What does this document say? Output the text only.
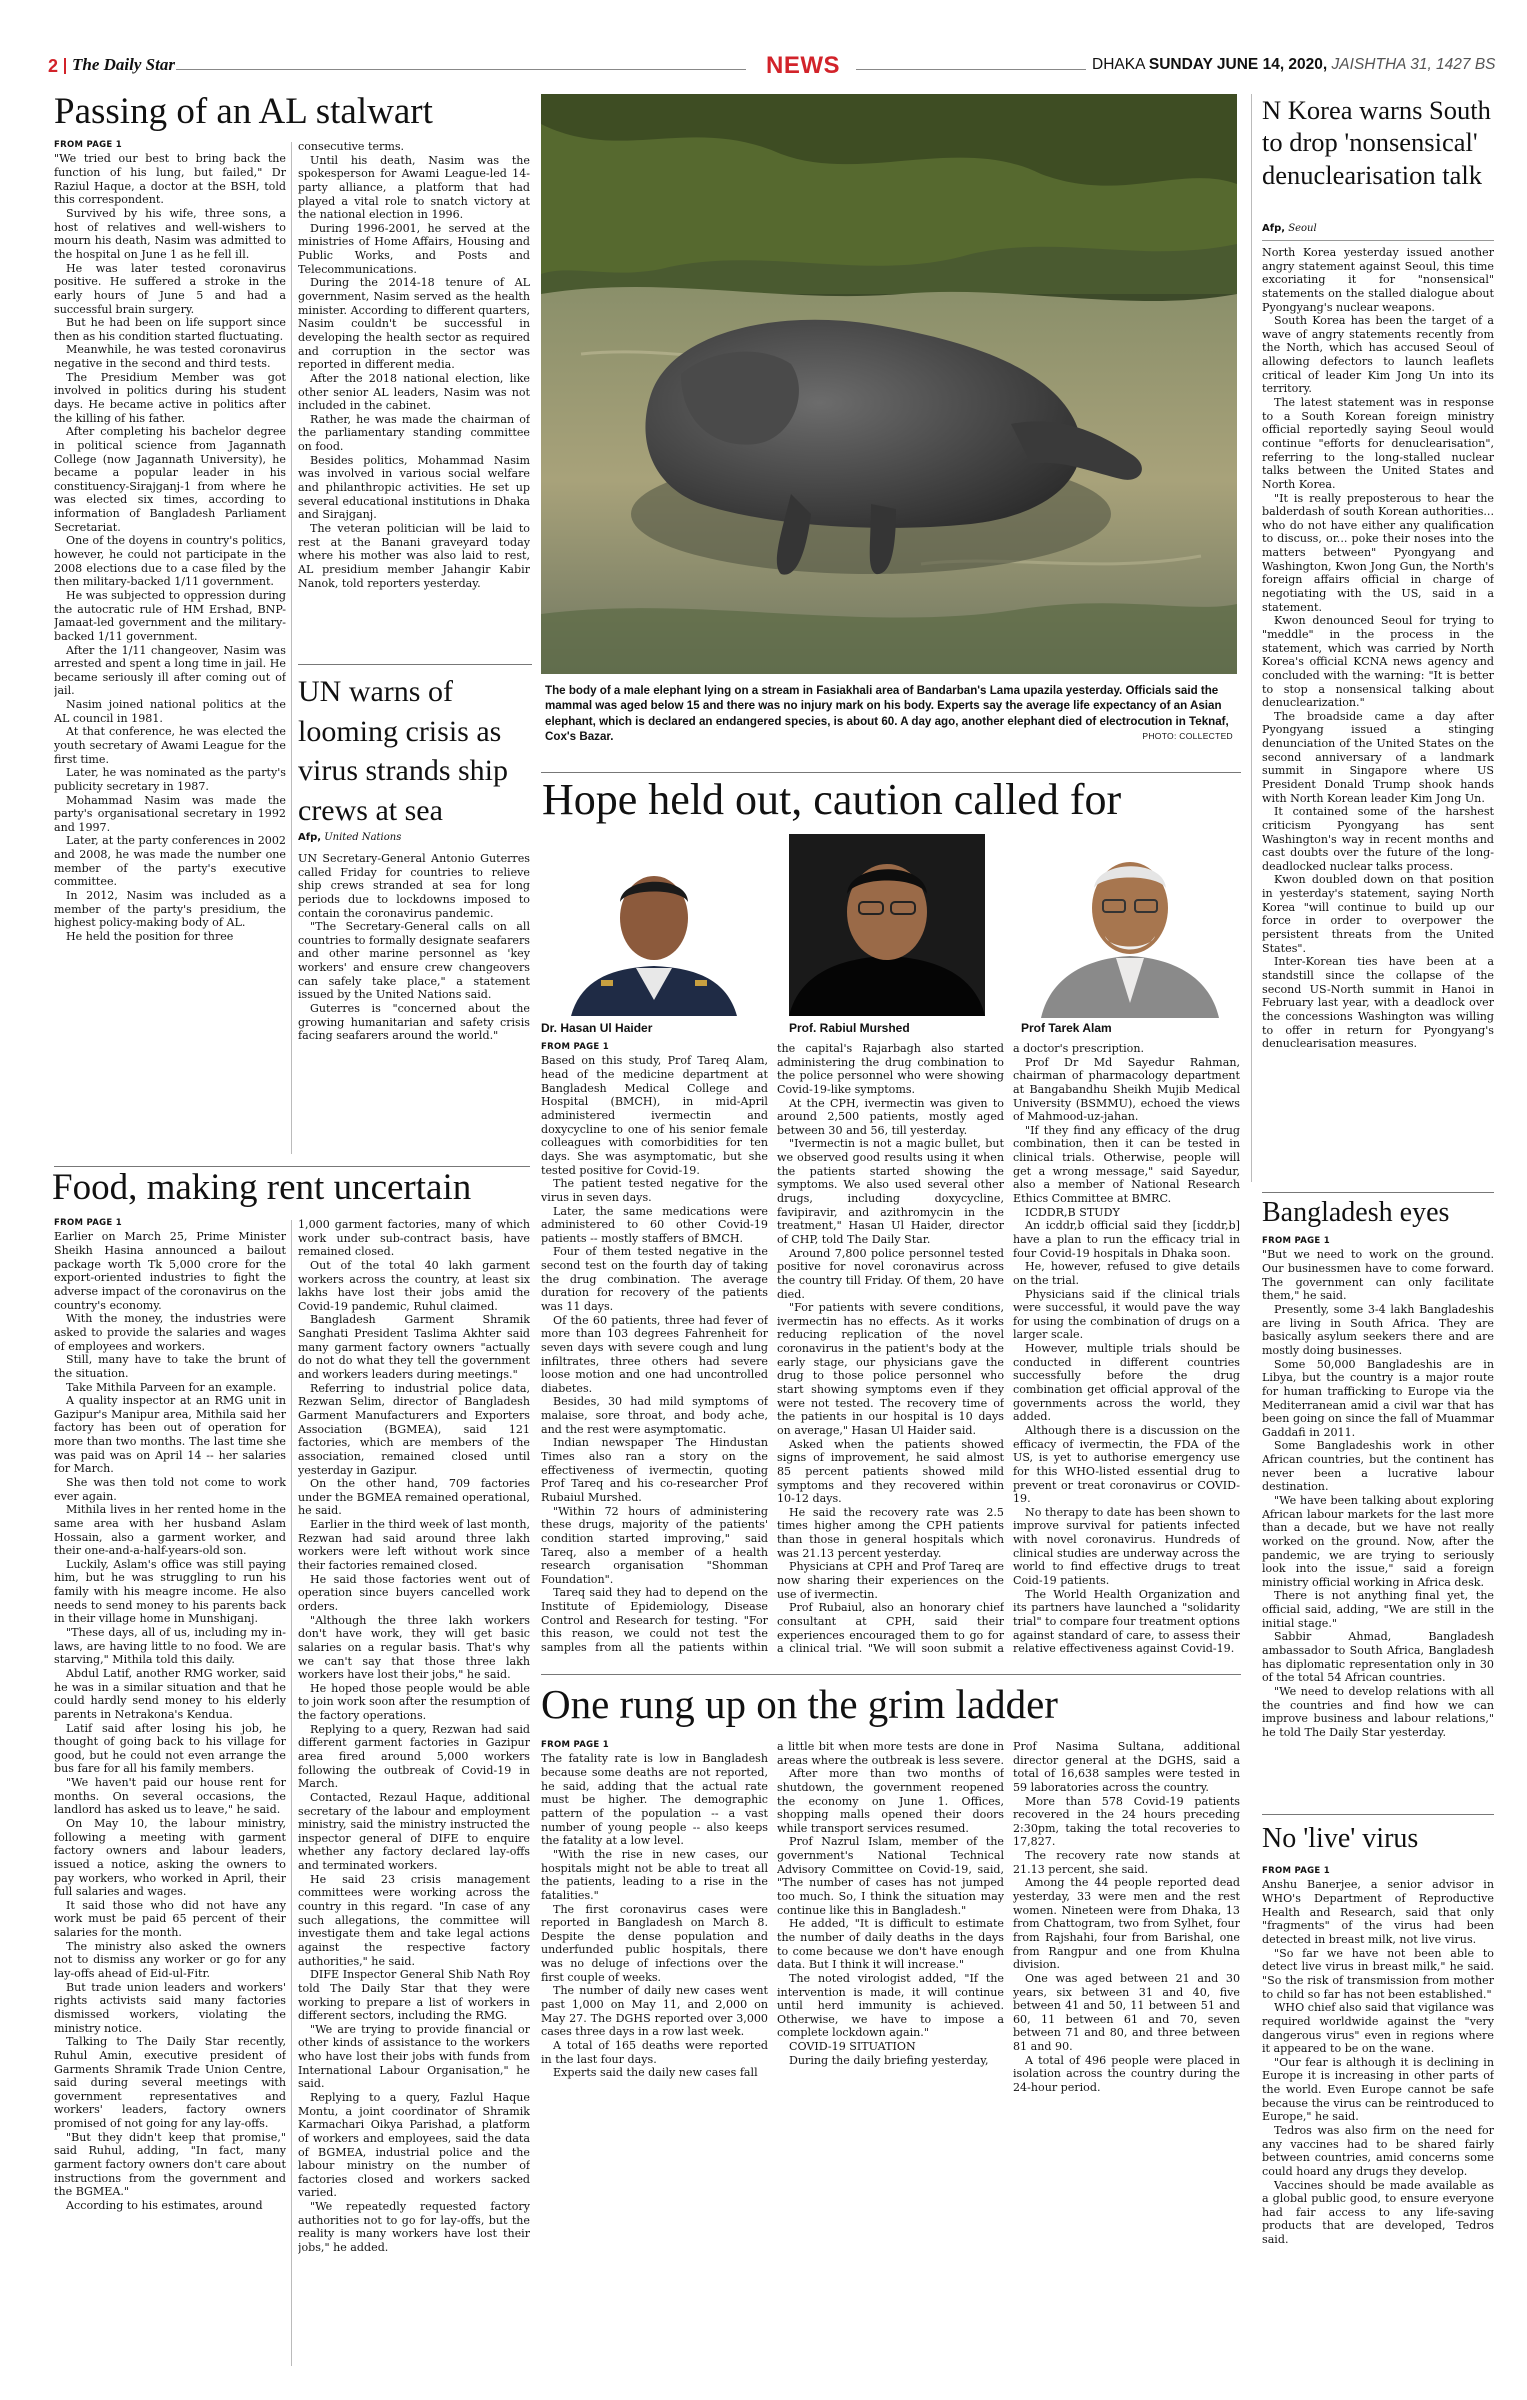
2 The Daily Star	NEWS	DHAKA SUNDAY JUNE 14, 2020, JAISHTHA 31, 1427 BS
Passing of an AL stalwart
FROM PAGE 1

"We tried our best to bring back the function of his lung, but failed," Dr Raziul Haque, a doctor at the BSH, told this correspondent.

Survived by his wife, three sons, a host of relatives and well-wishers to mourn his death, Nasim was admitted to the hospital on June 1 as he fell ill.

He was later tested coronavirus positive. He suffered a stroke in the early hours of June 5 and had a successful brain surgery.

But he had been on life support since then as his condition started fluctuating.

Meanwhile, he was tested coronavirus negative in the second and third tests.

The Presidium Member was got involved in politics during his student days. He became active in politics after the killing of his father.

After completing his bachelor degree in political science from Jagannath College (now Jagannath University), he became a popular leader in his constituency-Sirajganj-1 from where he was elected six times, according to information of Bangladesh Parliament Secretariat.

One of the doyens in country's politics, however, he could not participate in the 2008 elections due to a case filed by the then military-backed 1/11 government.

He was subjected to oppression during the autocratic rule of HM Ershad, BNP-Jamaat-led government and the military-backed 1/11 government.

After the 1/11 changeover, Nasim was arrested and spent a long time in jail. He became seriously ill after coming out of jail.

Nasim joined national politics at the AL council in 1981.

At that conference, he was elected the youth secretary of Awami League for the first time.

Later, he was nominated as the party's publicity secretary in 1987.

Mohammad Nasim was made the party's organisational secretary in 1992 and 1997.

Later, at the party conferences in 2002 and 2008, he was made the number one member of the party's executive committee.

In 2012, Nasim was included as a member of the party's presidium, the highest policy-making body of AL.

He held the position for three

consecutive terms.

Until his death, Nasim was the spokesperson for Awami League-led 14-party alliance, a platform that had played a vital role to snatch victory at the national election in 1996.

During 1996-2001, he served at the ministries of Home Affairs, Housing and Public Works, and Posts and Telecommunications.

During the 2014-18 tenure of AL government, Nasim served as the health minister. According to different quarters, Nasim couldn't be successful in developing the health sector as required and corruption in the sector was reported in different media.

After the 2018 national election, like other senior AL leaders, Nasim was not included in the cabinet.

Rather, he was made the chairman of the parliamentary standing committee on food.

Besides politics, Mohammad Nasim was involved in various social welfare and philanthropic activities. He set up several educational institutions in Dhaka and Sirajganj.

The veteran politician will be laid to rest at the Banani graveyard today where his mother was also laid to rest, AL presidium member Jahangir Kabir Nanok, told reporters yesterday.

UN warns of looming crisis as virus strands ship crews at sea
Afp, United Nations

UN Secretary-General Antonio Guterres called Friday for countries to relieve ship crews stranded at sea for long periods due to lockdowns imposed to contain the coronavirus pandemic.

"The Secretary-General calls on all countries to formally designate seafarers and other marine personnel as 'key workers' and ensure crew changeovers can safely take place," a statement issued by the United Nations said.

Guterres is "concerned about the growing humanitarian and safety crisis facing seafarers around the world."

The body of a male elephant lying on a stream in Fasiakhali area of Bandarban's Lama upazila yesterday. Officials said the mammal was aged below 15 and there was no injury mark on his body. Experts say the average life expectancy of an Asian elephant, which is declared an endangered species, is about 60. A day ago, another elephant died of electrocution in Teknaf, Cox's Bazar.	PHOTO: COLLECTED
N Korea warns South to drop 'nonsensical' denuclearisation talk
Afp, Seoul

North Korea yesterday issued another angry statement against Seoul, this time excoriating it for "nonsensical" statements on the stalled dialogue about Pyongyang's nuclear weapons.

South Korea has been the target of a wave of angry statements recently from the North, which has accused Seoul of allowing defectors to launch leaflets critical of leader Kim Jong Un into its territory.

The latest statement was in response to a South Korean foreign ministry official reportedly saying Seoul would continue "efforts for denuclearisation", referring to the long-stalled nuclear talks between the United States and North Korea.

"It is really preposterous to hear the balderdash of south Korean authorities... who do not have either any qualification to discuss, or... poke their noses into the matters between" Pyongyang and Washington, Kwon Jong Gun, the North's foreign affairs official in charge of negotiating with the US, said in a statement.

Kwon denounced Seoul for trying to "meddle" in the process in the statement, which was carried by North Korea's official KCNA news agency and concluded with the warning: "It is better to stop a nonsensical talking about denuclearization."

The broadside came a day after Pyongyang issued a stinging denunciation of the United States on the second anniversary of a landmark summit in Singapore where US President Donald Trump shook hands with North Korean leader Kim Jong Un.

It contained some of the harshest criticism Pyongyang has sent Washington's way in recent months and cast doubts over the future of the long-deadlocked nuclear talks process.

Kwon doubled down on that position in yesterday's statement, saying North Korea "will continue to build up our force in order to overpower the persistent threats from the United States".

Inter-Korean ties have been at a standstill since the collapse of the second US-North summit in Hanoi in February last year, with a deadlock over the concessions Washington was willing to offer in return for Pyongyang's denuclearisation measures.

Hope held out, caution called for
Dr. Hasan Ul Haider	Prof. Rabiul Murshed	Prof Tarek Alam
FROM PAGE 1

Based on this study, Prof Tareq Alam, head of the medicine department at Bangladesh Medical College and Hospital (BMCH), in mid-April administered ivermectin and doxycycline to one of his senior female colleagues with comorbidities for ten days. She was asymptomatic, but she tested positive for Covid-19.

The patient tested negative for the virus in seven days.

Later, the same medications were administered to 60 other Covid-19 patients -- mostly staffers of BMCH.

Four of them tested negative in the second test on the fourth day of taking the drug combination. The average duration for recovery of the patients was 11 days.

Of the 60 patients, three had fever of more than 103 degrees Fahrenheit for seven days with severe cough and lung infiltrates, three others had severe loose motion and one had uncontrolled diabetes.

Besides, 30 had mild symptoms of malaise, sore throat, and body ache, and the rest were asymptomatic.

Indian newspaper The Hindustan Times also ran a story on the effectiveness of ivermectin, quoting Prof Tareq and his co-researcher Prof Rubaiul Murshed.

"Within 72 hours of administering these drugs, majority of the patients' condition started improving," said Tareq, also a member of a health research organisation "Shomman Foundation".

Tareq said they had to depend on the Institute of Epidemiology, Disease Control and Research for testing. "For this reason, we could not test the samples from all the patients within

the capital's Rajarbagh also started administering the drug combination to the police personnel who were showing Covid-19-like symptoms.

At the CPH, ivermectin was given to around 2,500 patients, mostly aged between 30 and 56, till yesterday.

"Ivermectin is not a magic bullet, but we observed good results using it when the patients started showing the symptoms. We also used several other drugs, including doxycycline, favipiravir, and azithromycin in the treatment," Hasan Ul Haider, director of CHP, told The Daily Star.

Around 7,800 police personnel tested positive for novel coronavirus across the country till Friday. Of them, 20 have died.

"For patients with severe conditions, ivermectin has no effects. As it works reducing replication of the novel coronavirus in the patient's body at the early stage, our physicians gave the drug to those police personnel who start showing symptoms even if they were not tested. The recovery time of the patients in our hospital is 10 days on average," Hasan Ul Haider said.

Asked when the patients showed signs of improvement, he said almost 85 percent patients showed mild symptoms and they recovered within 10-12 days.

He said the recovery rate was 2.5 times higher among the CPH patients than those in general hospitals which was 21.13 percent yesterday.

Physicians at CPH and Prof Tareq are now sharing their experiences on the use of ivermectin.

Prof Rubaiul, also an honorary chief consultant at CPH, said their experiences encouraged them to go for a clinical trial. "We will soon submit a

a doctor's prescription.

Prof Dr Md Sayedur Rahman, chairman of pharmacology department at Bangabandhu Sheikh Mujib Medical University (BSMMU), echoed the views of Mahmood-uz-jahan.

"If they find any efficacy of the drug combination, then it can be tested in clinical trials. Otherwise, people will get a wrong message," said Sayedur, also a member of National Research Ethics Committee at BMRC.

ICDDR,B STUDY

An icddr,b official said they [icddr,b] have a plan to run the efficacy trial in four Covid-19 hospitals in Dhaka soon.

He, however, refused to give details on the trial.

Physicians said if the clinical trials were successful, it would pave the way for using the combination of drugs on a larger scale.

However, multiple trials should be conducted in different countries successfully before the drug combination get official approval of the governments across the world, they added.

Although there is a discussion on the efficacy of ivermectin, the FDA of the US, is yet to authorise emergency use for this WHO-listed essential drug to prevent or treat coronavirus or COVID-19.

No therapy to date has been shown to improve survival for patients infected with novel coronavirus. Hundreds of clinical studies are underway across the world to find effective drugs to treat Coid-19 patients.

The World Health Organization and its partners have launched a "solidarity trial" to compare four treatment options against standard of care, to assess their relative effectiveness against Covid-19.

Food, making rent uncertain
FROM PAGE 1

Earlier on March 25, Prime Minister Sheikh Hasina announced a bailout package worth Tk 5,000 crore for the export-oriented industries to fight the adverse impact of the coronavirus on the country's economy.

With the money, the industries were asked to provide the salaries and wages of employees and workers.

Still, many have to take the brunt of the situation.

Take Mithila Parveen for an example.

A quality inspector at an RMG unit in Gazipur's Manipur area, Mithila said her factory has been out of operation for more than two months. The last time she was paid was on April 14 -- her salaries for March.

She was then told not come to work ever again.

Mithila lives in her rented home in the same area with her husband Aslam Hossain, also a garment worker, and their one-and-a-half-years-old son.

Luckily, Aslam's office was still paying him, but he was struggling to run his family with his meagre income. He also needs to send money to his parents back in their village home in Munshiganj.

"These days, all of us, including my in-laws, are having little to no food. We are starving," Mithila told this daily.

Abdul Latif, another RMG worker, said he was in a similar situation and that he could hardly send money to his elderly parents in Netrakona's Kendua.

Latif said after losing his job, he thought of going back to his village for good, but he could not even arrange the bus fare for all his family members.

"We haven't paid our house rent for months. On several occasions, the landlord has asked us to leave," he said.

On May 10, the labour ministry, following a meeting with garment factory owners and labour leaders, issued a notice, asking the owners to pay workers, who worked in April, their full salaries and wages.

It said those who did not have any work must be paid 65 percent of their salaries for the month.

The ministry also asked the owners not to dismiss any worker or go for any lay-offs ahead of Eid-ul-Fitr.

But trade union leaders and workers' rights activists said many factories dismissed workers, violating the ministry notice.

Talking to The Daily Star recently, Ruhul Amin, executive president of Garments Shramik Trade Union Centre, said during several meetings with government representatives and workers' leaders, factory owners promised of not going for any lay-offs.

"But they didn't keep that promise," said Ruhul, adding, "In fact, many garment factory owners don't care about instructions from the government and the BGMEA."

According to his estimates, around

1,000 garment factories, many of which work under sub-contract basis, have remained closed.

Out of the total 40 lakh garment workers across the country, at least six lakhs have lost their jobs amid the Covid-19 pandemic, Ruhul claimed.

Bangladesh Garment Shramik Sanghati President Taslima Akhter said many garment factory owners "actually do not do what they tell the government and workers leaders during meetings."

Referring to industrial police data, Rezwan Selim, director of Bangladesh Garment Manufacturers and Exporters Association (BGMEA), said 121 factories, which are members of the association, remained closed until yesterday in Gazipur.

On the other hand, 709 factories under the BGMEA remained operational, he said.

Earlier in the third week of last month, Rezwan had said around three lakh workers were left without work since their factories remained closed.

He said those factories went out of operation since buyers cancelled work orders.

"Although the three lakh workers don't have work, they will get basic salaries on a regular basis. That's why we can't say that those three lakh workers have lost their jobs," he said.

He hoped those people would be able to join work soon after the resumption of the factory operations.

Replying to a query, Rezwan had said different garment factories in Gazipur area fired around 5,000 workers following the outbreak of Covid-19 in March.

Contacted, Rezaul Haque, additional secretary of the labour and employment ministry, said the ministry instructed the inspector general of DIFE to enquire whether any factory declared lay-offs and terminated workers.

He said 23 crisis management committees were working across the country in this regard. "In case of any such allegations, the committee will investigate them and take legal actions against the respective factory authorities," he said.

DIFE Inspector General Shib Nath Roy told The Daily Star that they were working to prepare a list of workers in different sectors, including the RMG.

"We are trying to provide financial or other kinds of assistance to the workers who have lost their jobs with funds from International Labour Organisation," he said.

Replying to a query, Fazlul Haque Montu, a joint coordinator of Shramik Karmachari Oikya Parishad, a platform of workers and employees, said the data of BGMEA, industrial police and the labour ministry on the number of factories closed and workers sacked varied.

"We repeatedly requested factory authorities not to go for lay-offs, but the reality is many workers have lost their jobs," he added.

One rung up on the grim ladder
FROM PAGE 1

The fatality rate is low in Bangladesh because some deaths are not reported, he said, adding that the actual rate must be higher. The demographic pattern of the population -- a vast number of young people -- also keeps the fatality at a low level.

"With the rise in new cases, our hospitals might not be able to treat all the patients, leading to a rise in the fatalities."

The first coronavirus cases were reported in Bangladesh on March 8. Despite the dense population and underfunded public hospitals, there was no deluge of infections over the first couple of weeks.

The number of daily new cases went past 1,000 on May 11, and 2,000 on May 27. The DGHS reported over 3,000 cases three days in a row last week.

A total of 165 deaths were reported in the last four days.

Experts said the daily new cases fall

a little bit when more tests are done in areas where the outbreak is less severe.

After more than two months of shutdown, the government reopened the economy on June 1. Offices, shopping malls opened their doors while transport services resumed.

Prof Nazrul Islam, member of the government's National Technical Advisory Committee on Covid-19, said, "The number of cases has not jumped too much. So, I think the situation may continue like this in Bangladesh."

He added, "It is difficult to estimate the number of daily deaths in the days to come because we don't have enough data. But I think it will increase."

The noted virologist added, "If the intervention is made, it will continue until herd immunity is achieved. Otherwise, we have to impose a complete lockdown again."

COVID-19 SITUATION

During the daily briefing yesterday,

Prof Nasima Sultana, additional director general at the DGHS, said a total of 16,638 samples were tested in 59 laboratories across the country.

More than 578 Covid-19 patients recovered in the 24 hours preceding 2:30pm, taking the total recoveries to 17,827.

The recovery rate now stands at 21.13 percent, she said.

Among the 44 people reported dead yesterday, 33 were men and the rest women. Nineteen were from Dhaka, 13 from Chattogram, two from Sylhet, four from Rajshahi, four from Barishal, one from Rangpur and one from Khulna division.

One was aged between 21 and 30 years, six between 31 and 40, five between 41 and 50, 11 between 51 and 60, 11 between 61 and 70, seven between 71 and 80, and three between 81 and 90.

A total of 496 people were placed in isolation across the country during the 24-hour period.

Bangladesh eyes
FROM PAGE 1

"But we need to work on the ground. Our businessmen have to come forward. The government can only facilitate them," he said.

Presently, some 3-4 lakh Bangladeshis are living in South Africa. They are basically asylum seekers there and are mostly doing businesses.

Some 50,000 Bangladeshis are in Libya, but the country is a major route for human trafficking to Europe via the Mediterranean amid a civil war that has been going on since the fall of Muammar Gaddafi in 2011.

Some Bangladeshis work in other African countries, but the continent has never been a lucrative labour destination.

"We have been talking about exploring African labour markets for the last more than a decade, but we have not really worked on the ground. Now, after the pandemic, we are trying to seriously look into the issue," said a foreign ministry official working in Africa desk.

There is not anything final yet, the official said, adding, "We are still in the initial stage."

Sabbir Ahmad, Bangladesh ambassador to South Africa, Bangladesh has diplomatic representation only in 30 of the total 54 African countries.

"We need to develop relations with all the countries and find how we can improve business and labour relations," he told The Daily Star yesterday.

No 'live' virus
FROM PAGE 1

Anshu Banerjee, a senior advisor in WHO's Department of Reproductive Health and Research, said that only "fragments" of the virus had been detected in breast milk, not live virus.

"So far we have not been able to detect live virus in breast milk," he said. "So the risk of transmission from mother to child so far has not been established."

WHO chief also said that vigilance was required worldwide against the "very dangerous virus" even in regions where it appeared to be on the wane.

"Our fear is although it is declining in Europe it is increasing in other parts of the world. Even Europe cannot be safe because the virus can be reintroduced to Europe," he said.

Tedros was also firm on the need for any vaccines had to be shared fairly between countries, amid concerns some could hoard any drugs they develop.

Vaccines should be made available as a global public good, to ensure everyone had fair access to any life-saving products that are developed, Tedros said.
